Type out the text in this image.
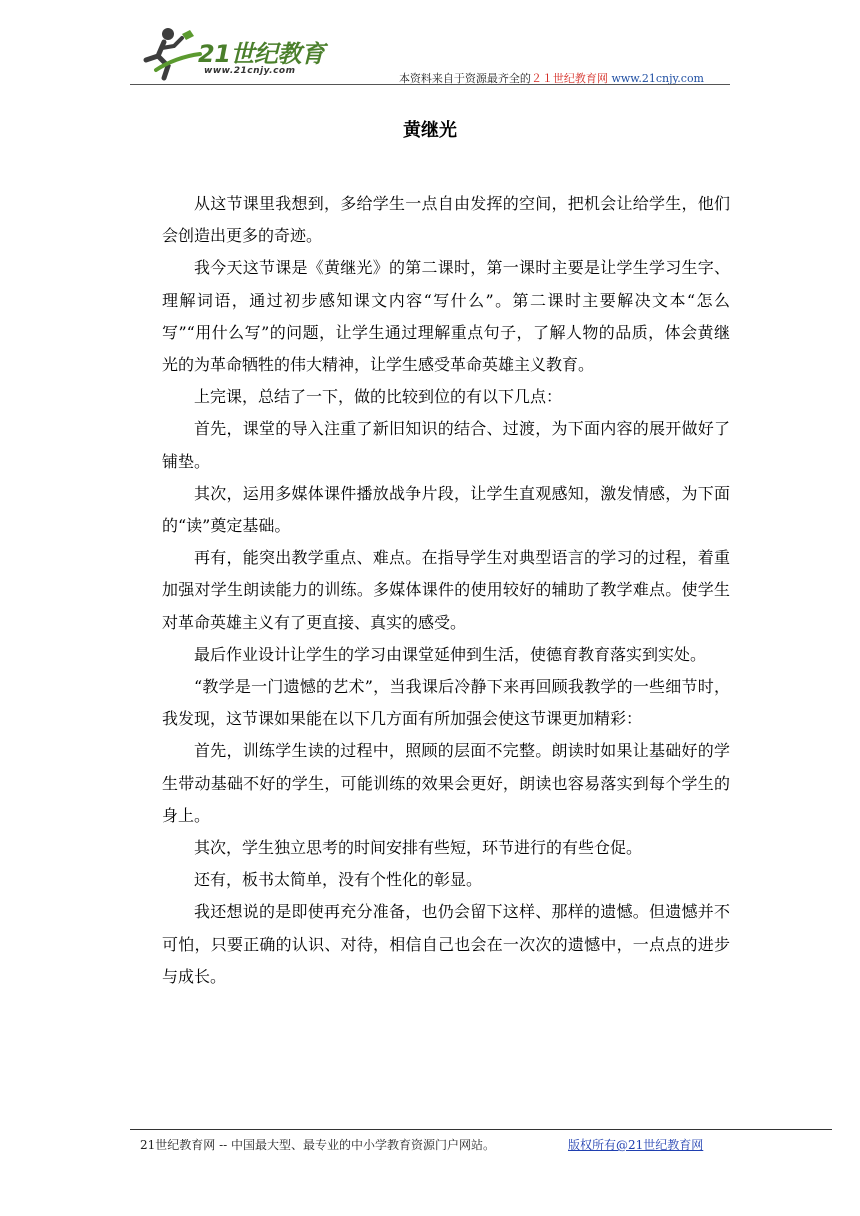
21世纪教育
www.21cnjy.com
本资料来自于资源最齐全的２１世纪教育网 www.21cnjy.com
黄继光

从这节课里我想到，多给学生一点自由发挥的空间，把机会让给学生，他们会创造出更多的奇迹。

我今天这节课是《黄继光》的第二课时，第一课时主要是让学生学习生字、理解词语，通过初步感知课文内容“写什么”。第二课时主要解决文本“怎么写”“用什么写”的问题，让学生通过理解重点句子，了解人物的品质，体会黄继光的为革命牺牲的伟大精神，让学生感受革命英雄主义教育。

上完课，总结了一下，做的比较到位的有以下几点：

首先，课堂的导入注重了新旧知识的结合、过渡，为下面内容的展开做好了铺垫。

其次，运用多媒体课件播放战争片段，让学生直观感知，激发情感，为下面的“读”奠定基础。

再有，能突出教学重点、难点。在指导学生对典型语言的学习的过程，着重加强对学生朗读能力的训练。多媒体课件的使用较好的辅助了教学难点。使学生对革命英雄主义有了更直接、真实的感受。

最后作业设计让学生的学习由课堂延伸到生活，使德育教育落实到实处。

“教学是一门遗憾的艺术”，当我课后冷静下来再回顾我教学的一些细节时，我发现，这节课如果能在以下几方面有所加强会使这节课更加精彩：

首先，训练学生读的过程中，照顾的层面不完整。朗读时如果让基础好的学生带动基础不好的学生，可能训练的效果会更好，朗读也容易落实到每个学生的身上。

其次，学生独立思考的时间安排有些短，环节进行的有些仓促。

还有，板书太简单，没有个性化的彰显。

我还想说的是即使再充分准备，也仍会留下这样、那样的遗憾。但遗憾并不可怕，只要正确的认识、对待，相信自己也会在一次次的遗憾中，一点点的进步与成长。

21世纪教育网 -- 中国最大型、最专业的中小学教育资源门户网站。	版权所有@21世纪教育网
